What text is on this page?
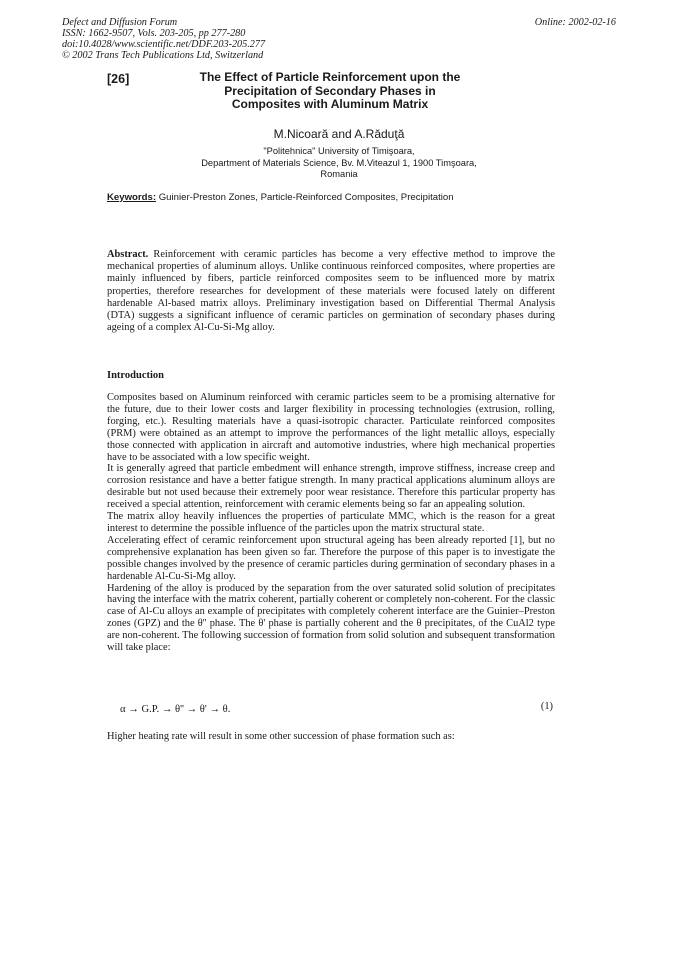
Defect and Diffusion Forum
ISSN: 1662-9507, Vols. 203-205, pp 277-280
doi:10.4028/www.scientific.net/DDF.203-205.277
© 2002 Trans Tech Publications Ltd, Switzerland
Online: 2002-02-16
[26]	The Effect of Particle Reinforcement upon the
Precipitation of Secondary Phases in
Composites with Aluminum Matrix
M.Nicoară and A.Răduţă
"Politehnica" University of Timişoara,
Department of Materials Science, Bv. M.Viteazul 1, 1900 Timşoara,
Romania
Keywords: Guinier-Preston Zones, Particle-Reinforced Composites, Precipitation
Abstract. Reinforcement with ceramic particles has become a very effective method to improve the mechanical properties of aluminum alloys. Unlike continuous reinforced composites, where properties are mainly influenced by fibers, particle reinforced composites seem to be influenced more by matrix properties, therefore researches for development of these materials were focused lately on different hardenable Al-based matrix alloys. Preliminary investigation based on Differential Thermal Analysis (DTA) suggests a significant influence of ceramic particles on germination of secondary phases during ageing of a complex Al-Cu-Si-Mg alloy.
Introduction

Composites based on Aluminum reinforced with ceramic particles seem to be a promising alternative for the future, due to their lower costs and larger flexibility in processing technologies (extrusion, rolling, forging, etc.). Resulting materials have a quasi-isotropic character. Particulate reinforced composites (PRM) were obtained as an attempt to improve the performances of the light metallic alloys, especially those connected with application in aircraft and automotive industries, where high mechanical properties have to be associated with a low specific weight.

It is generally agreed that particle embedment will enhance strength, improve stiffness, increase creep and corrosion resistance and have a better fatigue strength. In many practical applications aluminum alloys are desirable but not used because their extremely poor wear resistance. Therefore this particular property has received a special attention, reinforcement with ceramic elements being so far an appealing solution.

The matrix alloy heavily influences the properties of particulate MMC, which is the reason for a great interest to determine the possible influence of the particles upon the matrix structural state.

Accelerating effect of ceramic reinforcement upon structural ageing has been already reported [1], but no comprehensive explanation has been given so far. Therefore the purpose of this paper is to investigate the possible changes involved by the presence of ceramic particles during germination of secondary phases in a hardenable Al-Cu-Si-Mg alloy.

Hardening of the alloy is produced by the separation from the over saturated solid solution of precipitates having the interface with the matrix coherent, partially coherent or completely non-coherent. For the classic case of Al-Cu alloys an example of precipitates with completely coherent interface are the Guinier–Preston zones (GPZ) and the θ'' phase. The θ' phase is partially coherent and the θ precipitates, of the CuAl2 type are non-coherent. The following succession of formation from solid solution and subsequent transformation will take place:

α → G.P. → θ'' → θ' → θ.	(1)
Higher heating rate will result in some other succession of phase formation such as:
